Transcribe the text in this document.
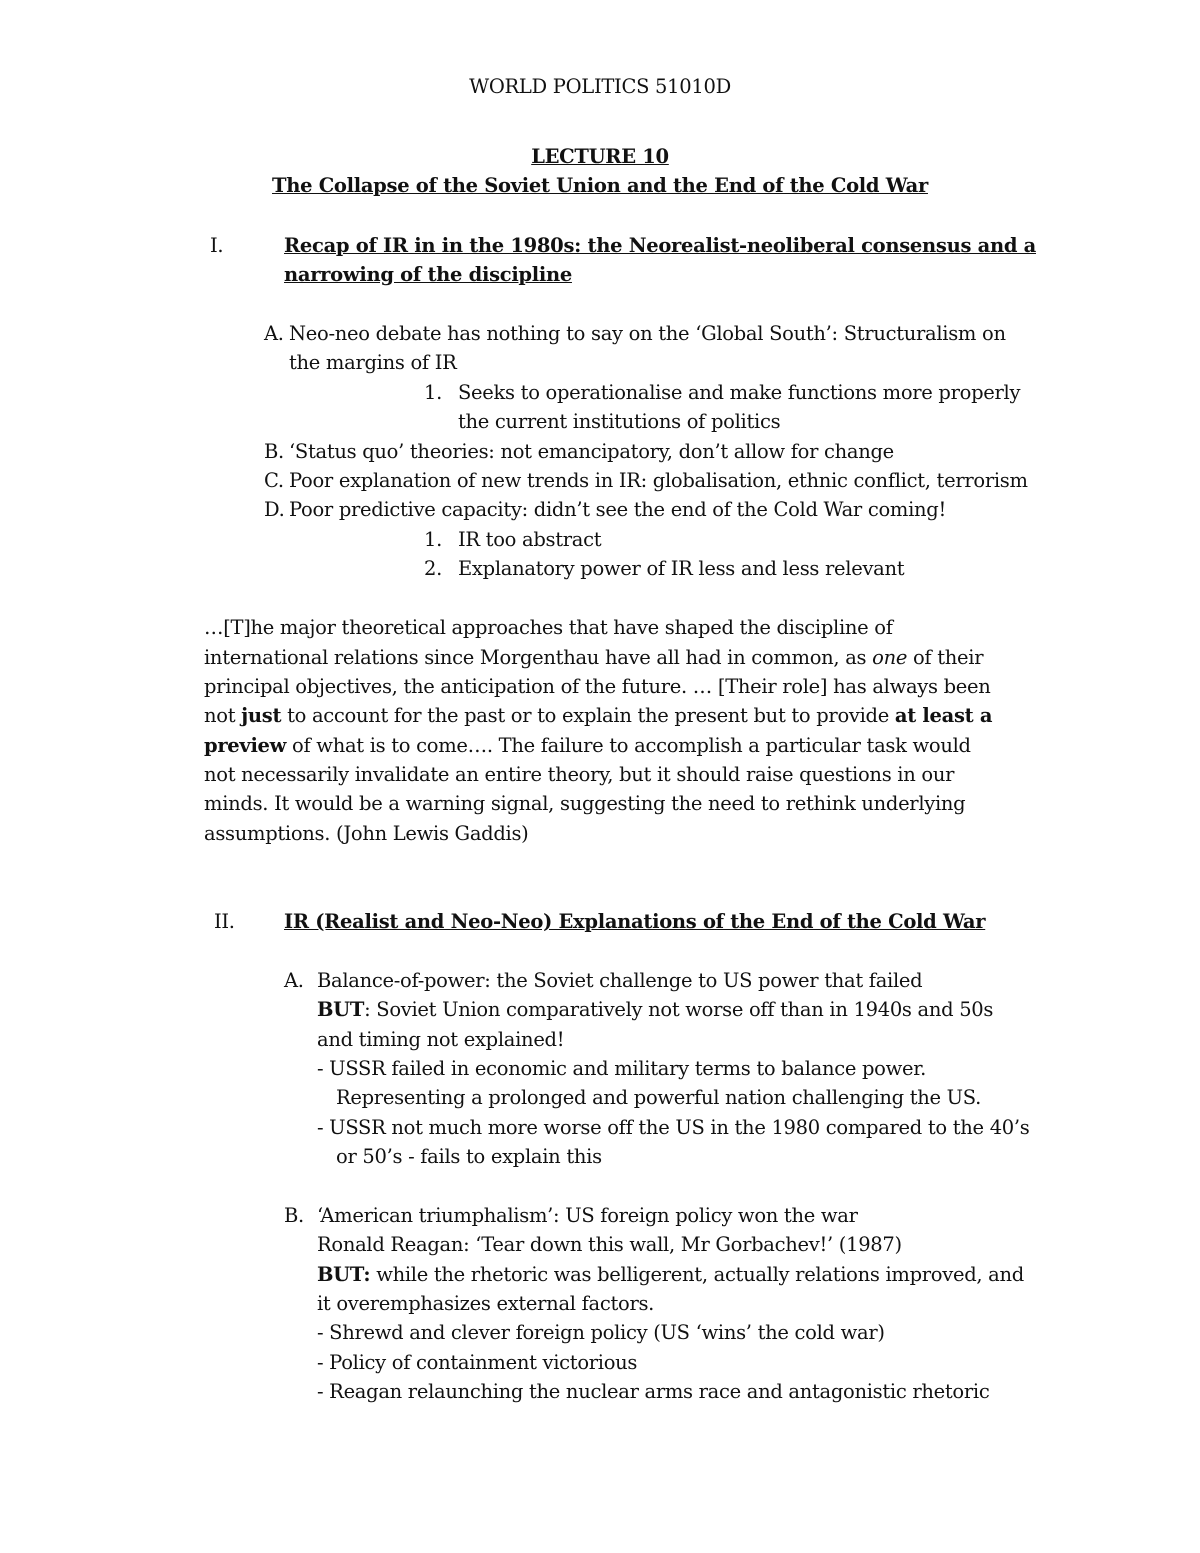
WORLD POLITICS 51010D
LECTURE 10
The Collapse of the Soviet Union and the End of the Cold War
I.	Recap of IR in in the 1980s: the Neorealist-neoliberal consensus and a
narrowing of the discipline
A. Neo-neo debate has nothing to say on the ‘Global South’: Structuralism on
the margins of IR
1. Seeks to operationalise and make functions more properly
the current institutions of politics
B. ‘Status quo’ theories: not emancipatory, don’t allow for change
C. Poor explanation of new trends in IR: globalisation, ethnic conflict, terrorism
D. Poor predictive capacity: didn’t see the end of the Cold War coming!
1. IR too abstract
2. Explanatory power of IR less and less relevant
…[T]he major theoretical approaches that have shaped the discipline of
international relations since Morgenthau have all had in common, as one of their
principal objectives, the anticipation of the future. … [Their role] has always been
not just to account for the past or to explain the present but to provide at least a
preview of what is to come…. The failure to accomplish a particular task would
not necessarily invalidate an entire theory, but it should raise questions in our
minds. It would be a warning signal, suggesting the need to rethink underlying
assumptions. (John Lewis Gaddis)
II.	IR (Realist and Neo-Neo) Explanations of the End of the Cold War
A. Balance-of-power: the Soviet challenge to US power that failed
BUT: Soviet Union comparatively not worse off than in 1940s and 50s
and timing not explained!
- USSR failed in economic and military terms to balance power.
Representing a prolonged and powerful nation challenging the US.
- USSR not much more worse off the US in the 1980 compared to the 40’s
or 50’s - fails to explain this
B. ‘American triumphalism’: US foreign policy won the war
Ronald Reagan: ‘Tear down this wall, Mr Gorbachev!’ (1987)
BUT: while the rhetoric was belligerent, actually relations improved, and
it overemphasizes external factors.
- Shrewd and clever foreign policy (US ‘wins’ the cold war)
- Policy of containment victorious
- Reagan relaunching the nuclear arms race and antagonistic rhetoric
